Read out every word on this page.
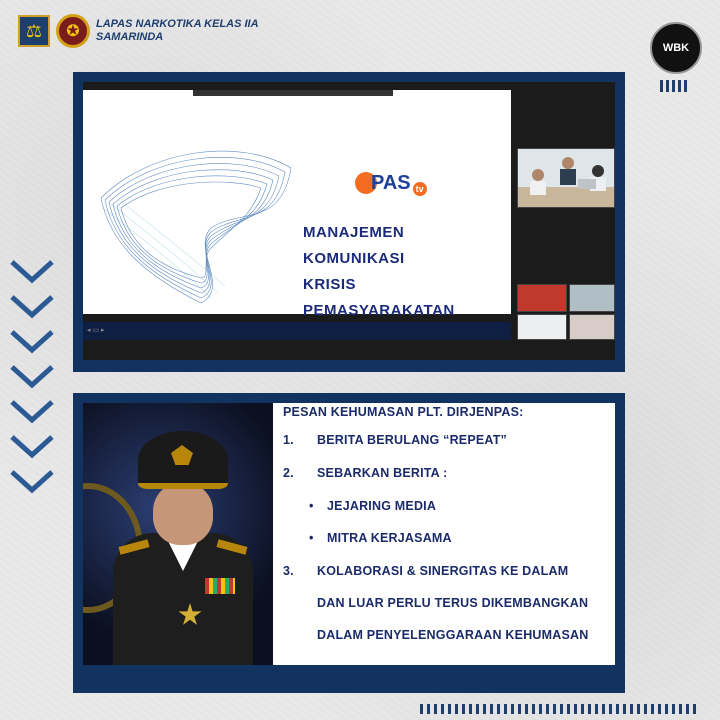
⚖	✪	LAPAS NARKOTIKA KELAS IIA
SAMARINDA
WBK
PAS tv
MANAJEMEN
KOMUNIKASI
KRISIS
PEMASYARAKATAN
◂ ▭ ▸
PESAN KEHUMASAN PLT. DIRJENPAS:
1. BERITA BERULANG “REPEAT”
2. SEBARKAN BERITA :
• JEJARING MEDIA
• MITRA KERJASAMA
3. KOLABORASI & SINERGITAS KE DALAM
DAN LUAR PERLU TERUS DIKEMBANGKAN
DALAM PENYELENGGARAAN KEHUMASAN
